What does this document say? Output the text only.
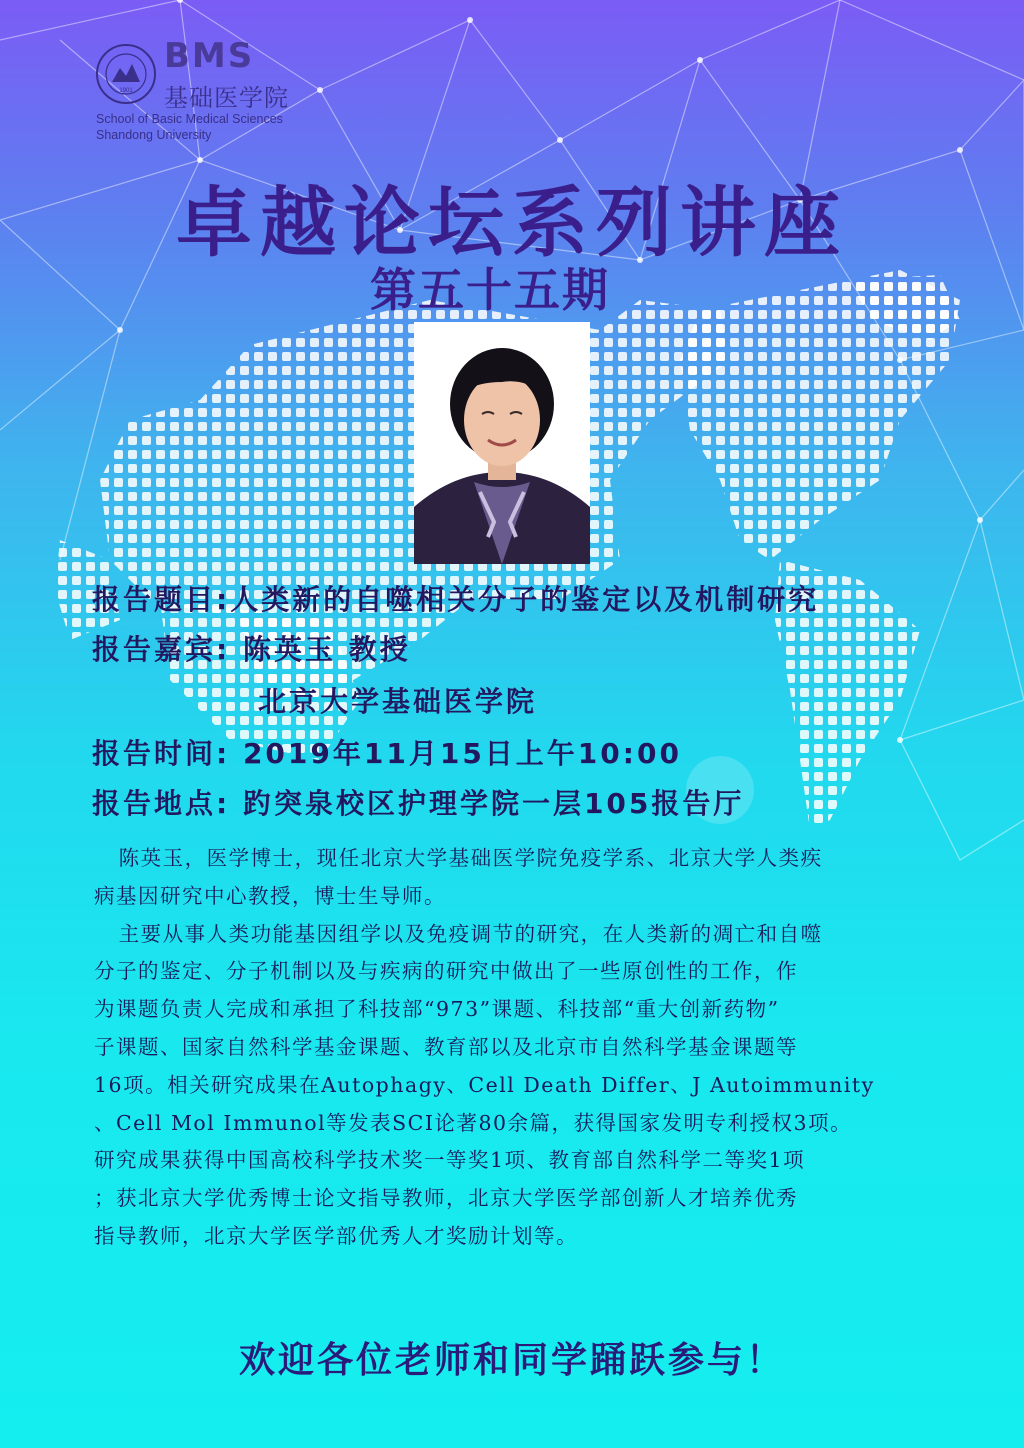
1901
BMS
基础医学院
School of Basic Medical Sciences
Shandong University
卓越论坛系列讲座
第五十五期
报告题目:人类新的自噬相关分子的鉴定以及机制研究
报告嘉宾: 陈英玉 教授
北京大学基础医学院
报告时间: 2019年11月15日上午10:00
报告地点: 趵突泉校区护理学院一层105报告厅
陈英玉，医学博士，现任北京大学基础医学院免疫学系、北京大学人类疾
病基因研究中心教授，博士生导师。
主要从事人类功能基因组学以及免疫调节的研究，在人类新的凋亡和自噬
分子的鉴定、分子机制以及与疾病的研究中做出了一些原创性的工作，作
为课题负责人完成和承担了科技部“973”课题、科技部“重大创新药物”
子课题、国家自然科学基金课题、教育部以及北京市自然科学基金课题等
16项。相关研究成果在Autophagy、Cell Death Differ、J Autoimmunity
、Cell Mol Immunol等发表SCI论著80余篇，获得国家发明专利授权3项。
研究成果获得中国高校科学技术奖一等奖1项、教育部自然科学二等奖1项
；获北京大学优秀博士论文指导教师，北京大学医学部创新人才培养优秀
指导教师，北京大学医学部优秀人才奖励计划等。
欢迎各位老师和同学踊跃参与！
